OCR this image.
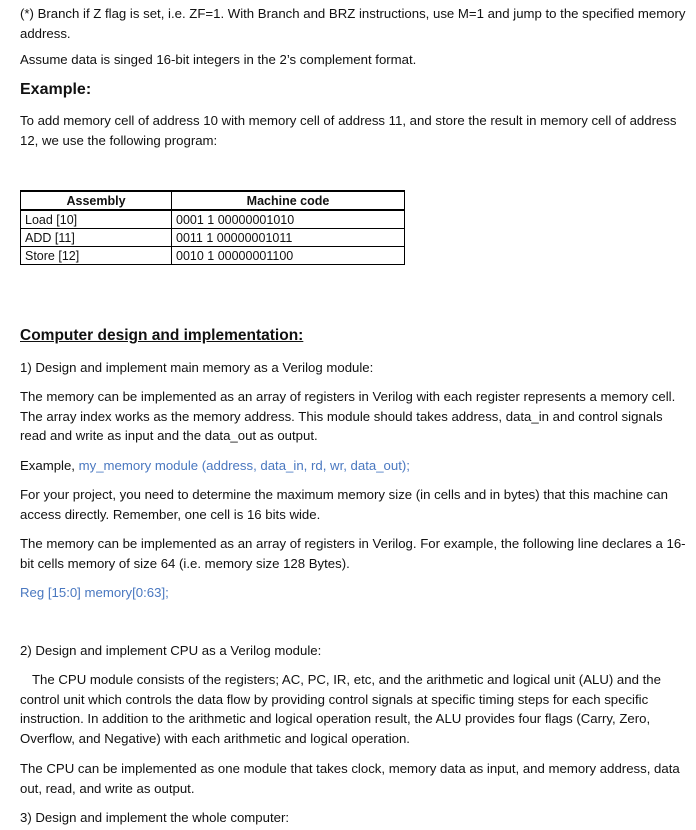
(*) Branch if Z flag is set, i.e. ZF=1. With Branch and BRZ instructions, use M=1 and jump to the specified memory address.

Assume data is singed 16-bit integers in the 2’s complement format.

Example:

To add memory cell of address 10 with memory cell of address 11, and store the result in memory cell of address 12, we use the following program:

Assembly	Machine code
Load [10]	0001 1 00000001010
ADD [11]	0011 1 00000001011
Store [12]	0010 1 00000001100

Computer design and implementation:

1) Design and implement main memory as a Verilog module:

The memory can be implemented as an array of registers in Verilog with each register represents a memory cell. The array index works as the memory address. This module should takes address, data_in and control signals read and write as input and the data_out as output.

Example, my_memory module (address, data_in, rd, wr, data_out);

For your project, you need to determine the maximum memory size (in cells and in bytes) that this machine can access directly. Remember, one cell is 16 bits wide.

The memory can be implemented as an array of registers in Verilog. For example, the following line declares a 16-bit cells memory of size 64 (i.e. memory size 128 Bytes).

Reg [15:0] memory[0:63];

2) Design and implement CPU as a Verilog module:

The CPU module consists of the registers; AC, PC, IR, etc, and the arithmetic and logical unit (ALU) and the control unit which controls the data flow by providing control signals at specific timing steps for each specific instruction. In addition to the arithmetic and logical operation result, the ALU provides four flags (Carry, Zero, Overflow, and Negative) with each arithmetic and logical operation.

The CPU can be implemented as one module that takes clock, memory data as input, and memory address, data out, read, and write as output.

3) Design and implement the whole computer:
